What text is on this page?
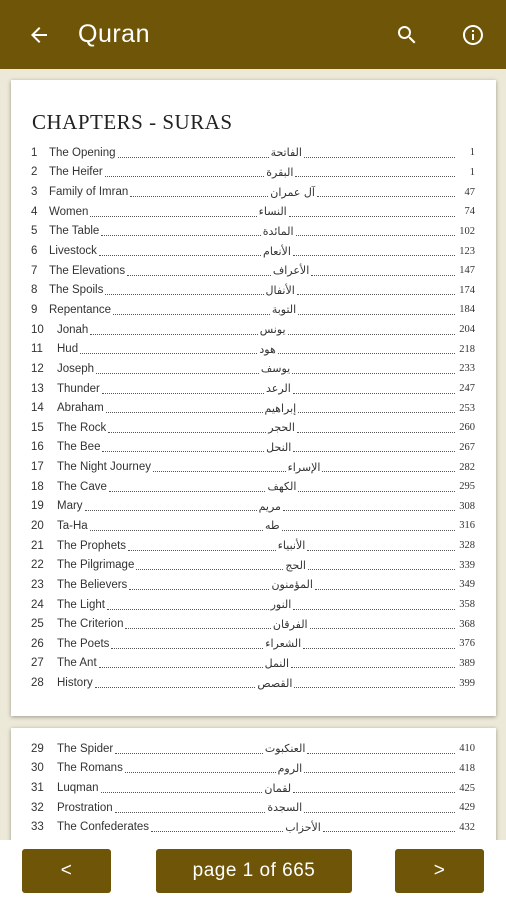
Quran
CHAPTERS - SURAS
1	The Opening	الفاتحة	1
2	The Heifer	البقرة	1
3	Family of Imran	آل عمران	47
4	Women	النساء	74
5	The Table	المائدة	102
6	Livestock	الأنعام	123
7	The Elevations	الأعراف	147
8	The Spoils	الأنفال	174
9	Repentance	التوبة	184
10	Jonah	يونس	204
11	Hud	هود	218
12	Joseph	يوسف	233
13	Thunder	الرعد	247
14	Abraham	إبراهيم	253
15	The Rock	الحجر	260
16	The Bee	النحل	267
17	The Night Journey	الإسراء	282
18	The Cave	الكهف	295
19	Mary	مريم	308
20	Ta-Ha	طه	316
21	The Prophets	الأنبياء	328
22	The Pilgrimage	الحج	339
23	The Believers	المؤمنون	349
24	The Light	النور	358
25	The Criterion	الفرقان	368
26	The Poets	الشعراء	376
27	The Ant	النمل	389
28	History	القصص	399
29	The Spider	العنكبوت	410
30	The Romans	الروم	418
31	Luqman	لقمان	425
32	Prostration	السجدة	429
33	The Confederates	الأحزاب	432
<	page 1 of 665	>
